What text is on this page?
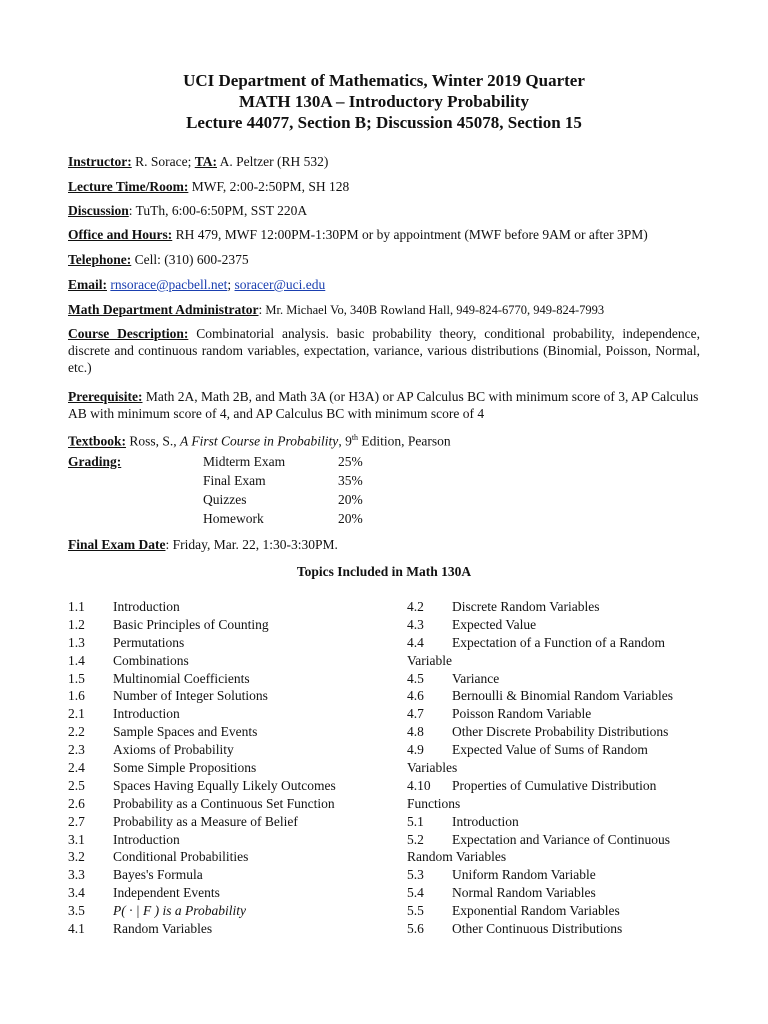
UCI Department of Mathematics, Winter 2019 Quarter
MATH 130A – Introductory Probability
Lecture 44077, Section B; Discussion 45078, Section 15
Instructor: R. Sorace; TA: A. Peltzer (RH 532)
Lecture Time/Room: MWF, 2:00-2:50PM, SH 128
Discussion: TuTh, 6:00-6:50PM, SST 220A
Office and Hours: RH 479, MWF 12:00PM-1:30PM or by appointment (MWF before 9AM or after 3PM)
Telephone: Cell: (310) 600-2375
Email: rnsorace@pacbell.net; soracer@uci.edu
Math Department Administrator: Mr. Michael Vo, 340B Rowland Hall, 949-824-6770, 949-824-7993
Course Description: Combinatorial analysis. basic probability theory, conditional probability, independence, discrete and continuous random variables, expectation, variance, various distributions (Binomial, Poisson, Normal, etc.)
Prerequisite: Math 2A, Math 2B, and Math 3A (or H3A) or AP Calculus BC with minimum score of 3, AP Calculus AB with minimum score of 4, and AP Calculus BC with minimum score of 4
Textbook: Ross, S., A First Course in Probability, 9th Edition, Pearson
Grading:	Midterm Exam	25%
Final Exam	35%
Quizzes	20%
Homework	20%
Final Exam Date: Friday, Mar. 22, 1:30-3:30PM.
Topics Included in Math 130A
1.1	Introduction
1.2	Basic Principles of Counting
1.3	Permutations
1.4	Combinations
1.5	Multinomial Coefficients
1.6	Number of Integer Solutions
2.1	Introduction
2.2	Sample Spaces and Events
2.3	Axioms of Probability
2.4	Some Simple Propositions
2.5	Spaces Having Equally Likely Outcomes
2.6	Probability as a Continuous Set Function
2.7	Probability as a Measure of Belief
3.1	Introduction
3.2	Conditional Probabilities
3.3	Bayes's Formula
3.4	Independent Events
3.5	P( · | F ) is a Probability
4.1	Random Variables
4.2	Discrete Random Variables
4.3	Expected Value
4.4	Expectation of a Function of a Random
Variable
4.5	Variance
4.6	Bernoulli & Binomial Random Variables
4.7	Poisson Random Variable
4.8	Other Discrete Probability Distributions
4.9	Expected Value of Sums of Random
Variables
4.10	Properties of Cumulative Distribution
Functions
5.1	Introduction
5.2	Expectation and Variance of Continuous
Random Variables
5.3	Uniform Random Variable
5.4	Normal Random Variables
5.5	Exponential Random Variables
5.6	Other Continuous Distributions
